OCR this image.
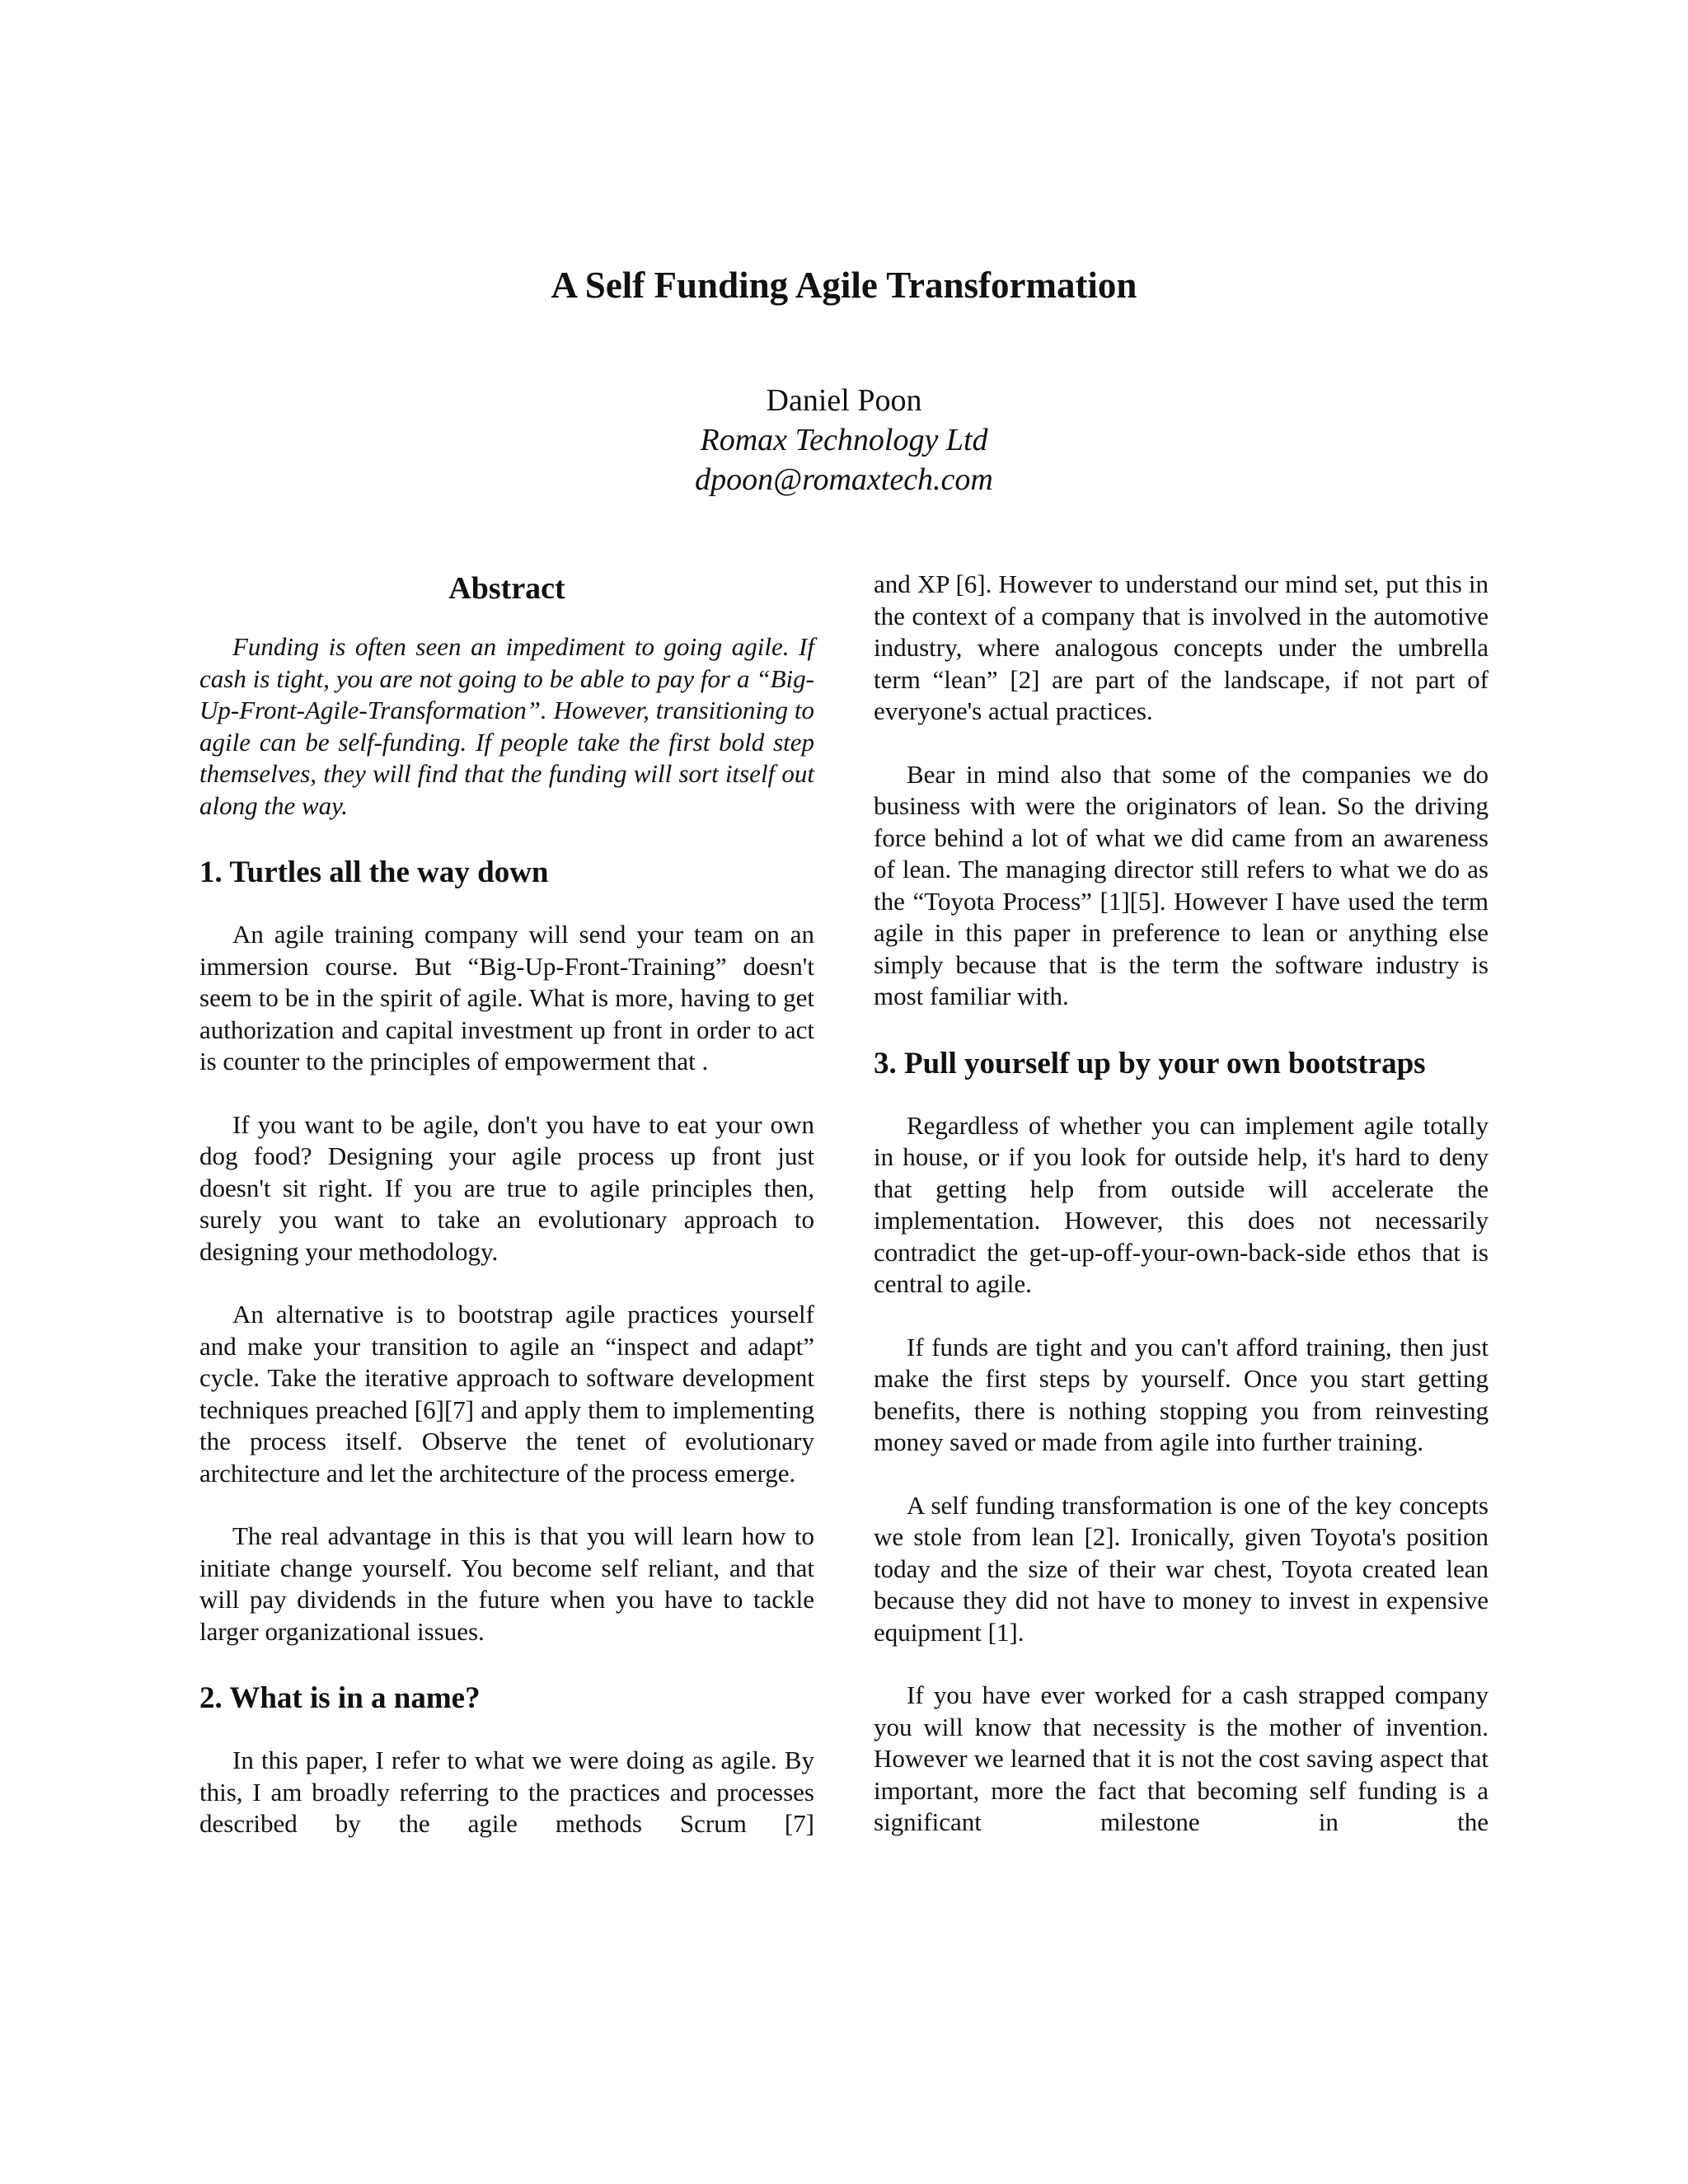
A Self Funding Agile Transformation
Daniel Poon
Romax Technology Ltd
dpoon@romaxtech.com
Abstract

Funding is often seen an impediment to going agile. If cash is tight, you are not going to be able to pay for a “Big-Up-Front-Agile-Transformation”. However, transitioning to agile can be self-funding. If people take the first bold step themselves, they will find that the funding will sort itself out along the way.

1. Turtles all the way down

An agile training company will send your team on an immersion course. But “Big-Up-Front-Training” doesn't seem to be in the spirit of agile. What is more, having to get authorization and capital investment up front in order to act is counter to the principles of empowerment that .

If you want to be agile, don't you have to eat your own dog food? Designing your agile process up front just doesn't sit right. If you are true to agile principles then, surely you want to take an evolutionary approach to designing your methodology.

An alternative is to bootstrap agile practices yourself and make your transition to agile an “inspect and adapt” cycle. Take the iterative approach to software development techniques preached [6][7] and apply them to implementing the process itself. Observe the tenet of evolutionary architecture and let the architecture of the process emerge.

The real advantage in this is that you will learn how to initiate change yourself. You become self reliant, and that will pay dividends in the future when you have to tackle larger organizational issues.

2. What is in a name?

In this paper, I refer to what we were doing as agile. By this, I am broadly referring to the practices and processes described by the agile methods Scrum [7]

and XP [6]. However to understand our mind set, put this in the context of a company that is involved in the automotive industry, where analogous concepts under the umbrella term “lean” [2] are part of the landscape, if not part of everyone's actual practices.

Bear in mind also that some of the companies we do business with were the originators of lean. So the driving force behind a lot of what we did came from an awareness of lean. The managing director still refers to what we do as the “Toyota Process” [1][5]. However I have used the term agile in this paper in preference to lean or anything else simply because that is the term the software industry is most familiar with.

3. Pull yourself up by your own bootstraps

Regardless of whether you can implement agile totally in house, or if you look for outside help, it's hard to deny that getting help from outside will accelerate the implementation. However, this does not necessarily contradict the get-up-off-your-own-back-side ethos that is central to agile.

If funds are tight and you can't afford training, then just make the first steps by yourself. Once you start getting benefits, there is nothing stopping you from reinvesting money saved or made from agile into further training.

A self funding transformation is one of the key concepts we stole from lean [2]. Ironically, given Toyota's position today and the size of their war chest, Toyota created lean because they did not have to money to invest in expensive equipment [1].

If you have ever worked for a cash strapped company you will know that necessity is the mother of invention. However we learned that it is not the cost saving aspect that important, more the fact that becoming self funding is a significant milestone in the
